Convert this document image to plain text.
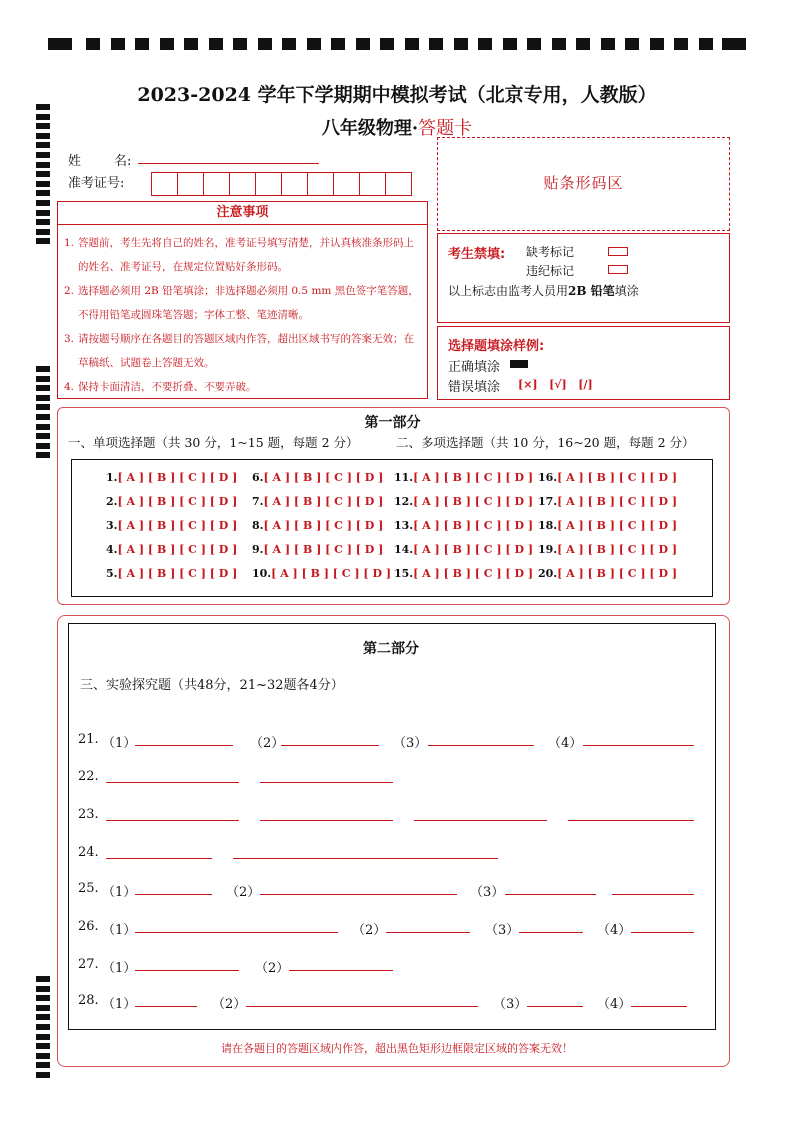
2023-2024 学年下学期期中模拟考试（北京专用，人教版）
八年级物理·答题卡
姓        名:
准考证号:	贴条形码区
注意事项
1. 答题前，考生先将自己的姓名，准考证号填写清楚，并认真核准条形码上的姓名、准考证号，在规定位置贴好条形码。
2. 选择题必须用 2B 铅笔填涂；非选择题必须用 0.5 mm 黑色签字笔答题，不得用铅笔或圆珠笔答题；字体工整、笔迹清晰。
3. 请按题号顺序在各题目的答题区域内作答，超出区域书写的答案无效；在草稿纸、试题卷上答题无效。
4. 保持卡面清洁，不要折叠、不要弄破。
考生禁填: 缺考标记
违纪标记
以上标志由监考人员用2B 铅笔填涂
选择题填涂样例:
正确填涂
错误填涂 [×]   [√]   [/]
第一部分
一、单项选择题（共 30 分，1~15 题，每题 2 分）	二、多项选择题（共 10 分，16~20 题，每题 2 分）
1.[ A ] [ B ] [ C ] [ D ]
2.[ A ] [ B ] [ C ] [ D ]
3.[ A ] [ B ] [ C ] [ D ]
4.[ A ] [ B ] [ C ] [ D ]
5.[ A ] [ B ] [ C ] [ D ]
6.[ A ] [ B ] [ C ] [ D ]
7.[ A ] [ B ] [ C ] [ D ]
8.[ A ] [ B ] [ C ] [ D ]
9.[ A ] [ B ] [ C ] [ D ]
10.[ A ] [ B ] [ C ] [ D ]
11.[ A ] [ B ] [ C ] [ D ]
12.[ A ] [ B ] [ C ] [ D ]
13.[ A ] [ B ] [ C ] [ D ]
14.[ A ] [ B ] [ C ] [ D ]
15.[ A ] [ B ] [ C ] [ D ]
16.[ A ] [ B ] [ C ] [ D ]
17.[ A ] [ B ] [ C ] [ D ]
18.[ A ] [ B ] [ C ] [ D ]
19.[ A ] [ B ] [ C ] [ D ]
20.[ A ] [ B ] [ C ] [ D ]
第二部分
三、实验探究题（共48分，21~32题各4分）
21. （1）	（2）	（3）	（4）
22.
23.
24.
25. （1）	（2）	（3）
26. （1）	（2）	（3）	（4）
27. （1）	（2）
28. （1）	（2）	（3）	（4）
请在各题目的答题区域内作答，超出黑色矩形边框限定区域的答案无效！
